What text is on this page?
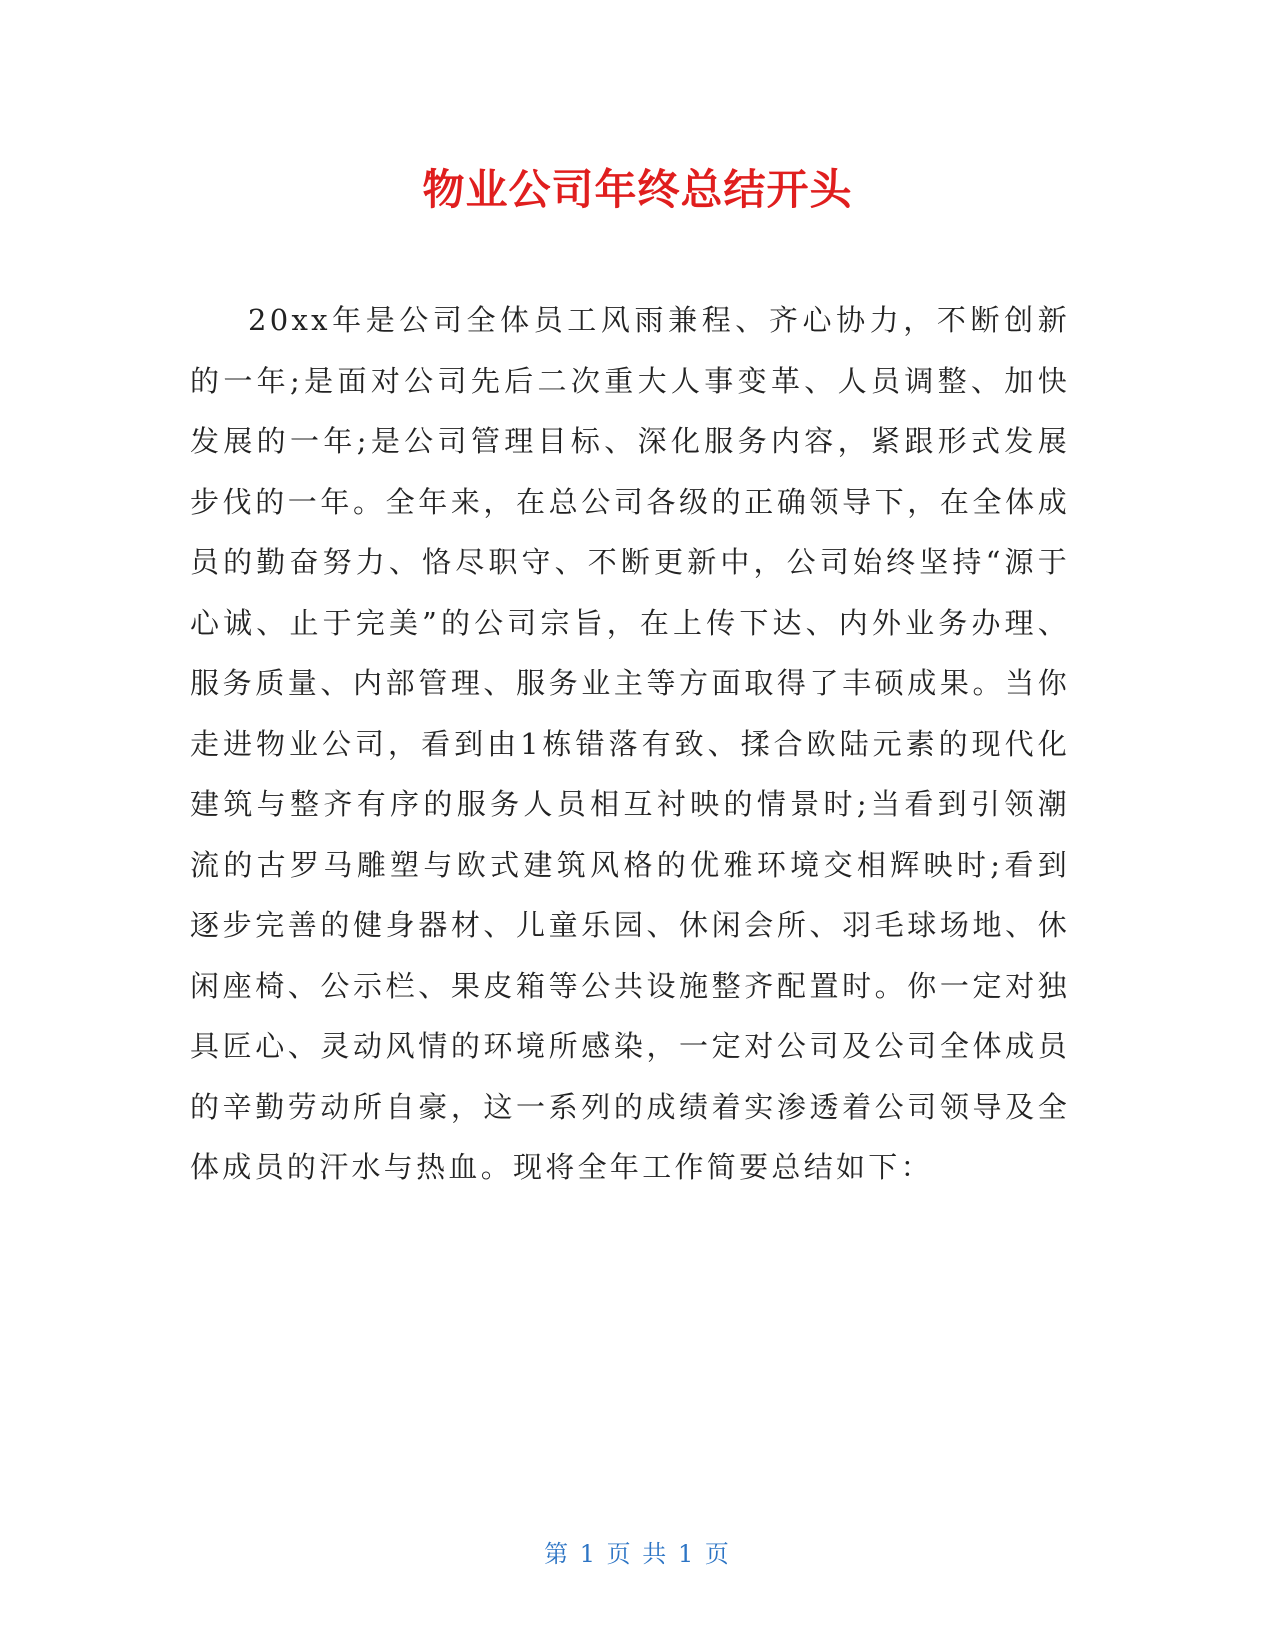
物业公司年终总结开头
20xx年是公司全体员工风雨兼程、齐心协力，不断创新的一年;是面对公司先后二次重大人事变革、人员调整、加快发展的一年;是公司管理目标、深化服务内容，紧跟形式发展步伐的一年。全年来，在总公司各级的正确领导下，在全体成员的勤奋努力、恪尽职守、不断更新中，公司始终坚持“源于心诚、止于完美”的公司宗旨，在上传下达、内外业务办理、服务质量、内部管理、服务业主等方面取得了丰硕成果。当你走进物业公司，看到由1栋错落有致、揉合欧陆元素的现代化建筑与整齐有序的服务人员相互衬映的情景时;当看到引领潮流的古罗马雕塑与欧式建筑风格的优雅环境交相辉映时;看到逐步完善的健身器材、儿童乐园、休闲会所、羽毛球场地、休闲座椅、公示栏、果皮箱等公共设施整齐配置时。你一定对独具匠心、灵动风情的环境所感染，一定对公司及公司全体成员的辛勤劳动所自豪，这一系列的成绩着实渗透着公司领导及全体成员的汗水与热血。现将全年工作简要总结如下：
第 1 页 共 1 页
